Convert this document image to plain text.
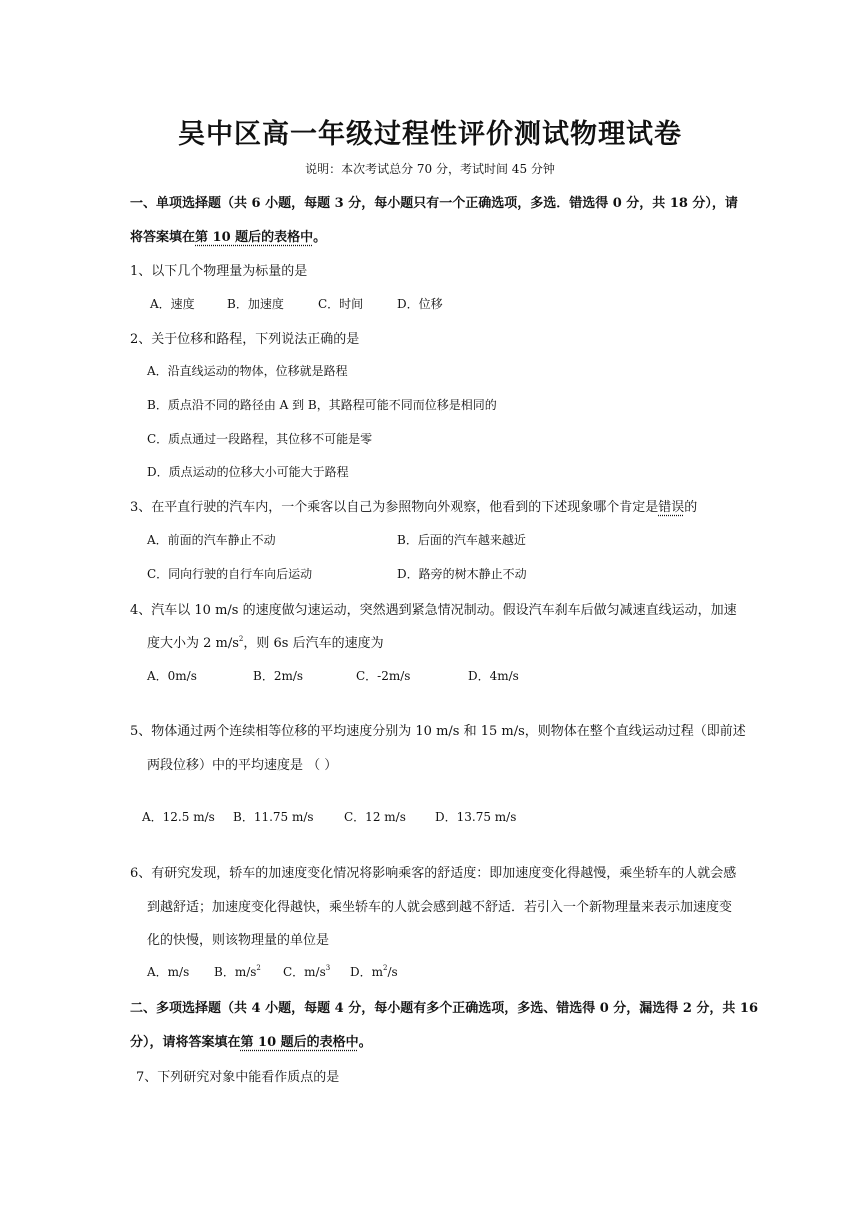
吴中区高一年级过程性评价测试物理试卷
说明：本次考试总分 70 分，考试时间 45 分钟
一、单项选择题（共 6 小题，每题 3 分，每小题只有一个正确选项，多选．错选得 0 分，共 18 分），请
将答案填在第 10 题后的表格中。
1、以下几个物理量为标量的是
A．速度	B．加速度	C．时间	D．位移
2、关于位移和路程，下列说法正确的是
A．沿直线运动的物体，位移就是路程
B．质点沿不同的路径由 A 到 B，其路程可能不同而位移是相同的
C．质点通过一段路程，其位移不可能是零
D．质点运动的位移大小可能大于路程
3、在平直行驶的汽车内，一个乘客以自己为参照物向外观察，他看到的下述现象哪个肯定是错误的
A．前面的汽车静止不动	B．后面的汽车越来越近
C．同向行驶的自行车向后运动	D．路旁的树木静止不动
4、汽车以 10 m/s 的速度做匀速运动，突然遇到紧急情况制动。假设汽车刹车后做匀减速直线运动，加速
度大小为 2 $m/s^2$，则 6s 后汽车的速度为
A．0m/s	B．2m/s	C．-2m/s	D．4m/s
5、物体通过两个连续相等位移的平均速度分别为 10 m/s 和 15 m/s，则物体在整个直线运动过程（即前述
两段位移）中的平均速度是 （ ）
A．12.5 m/s B．11.75 m/s	C．12 m/s D．13.75 m/s
6、有研究发现，轿车的加速度变化情况将影响乘客的舒适度：即加速度变化得越慢，乘坐轿车的人就会感
到越舒适；加速度变化得越快，乘坐轿车的人就会感到越不舒适．若引入一个新物理量来表示加速度变
化的快慢，则该物理量的单位是
A．m/s B．$m/s^2$ C．$m/s^3$ D．$m^2/s$
二、多项选择题（共 4 小题，每题 4 分，每小题有多个正确选项，多选、错选得 0 分，漏选得 2 分，共 16
分），请将答案填在第 10 题后的表格中。
7、下列研究对象中能看作质点的是
